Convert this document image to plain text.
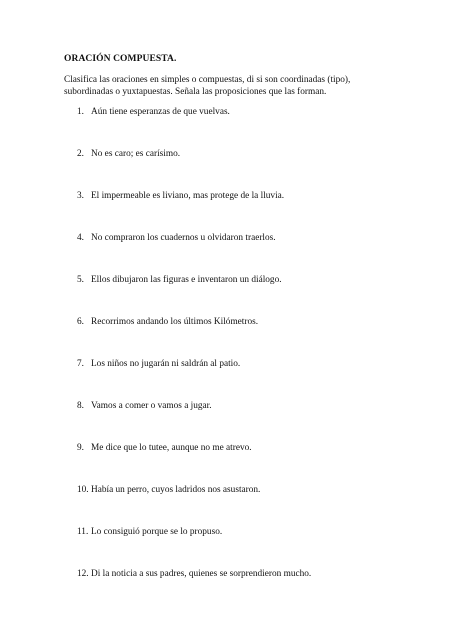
ORACIÓN COMPUESTA.

Clasifica las oraciones en simples o compuestas, di si son coordinadas (tipo),
subordinadas o yuxtapuestas. Señala las proposiciones que las forman.

1. Aún tiene esperanzas de que vuelvas.
2. No es caro; es carísimo.
3. El impermeable es liviano, mas protege de la lluvia.
4. No compraron los cuadernos u olvidaron traerlos.
5. Ellos dibujaron las figuras e inventaron un diálogo.
6. Recorrimos andando los últimos Kilómetros.
7. Los niños no jugarán ni saldrán al patio.
8. Vamos a comer o vamos a jugar.
9. Me dice que lo tutee, aunque no me atrevo.
10. Había un perro, cuyos ladridos nos asustaron.
11. Lo consiguió porque se lo propuso.
12. Di la noticia a sus padres, quienes se sorprendieron mucho.
